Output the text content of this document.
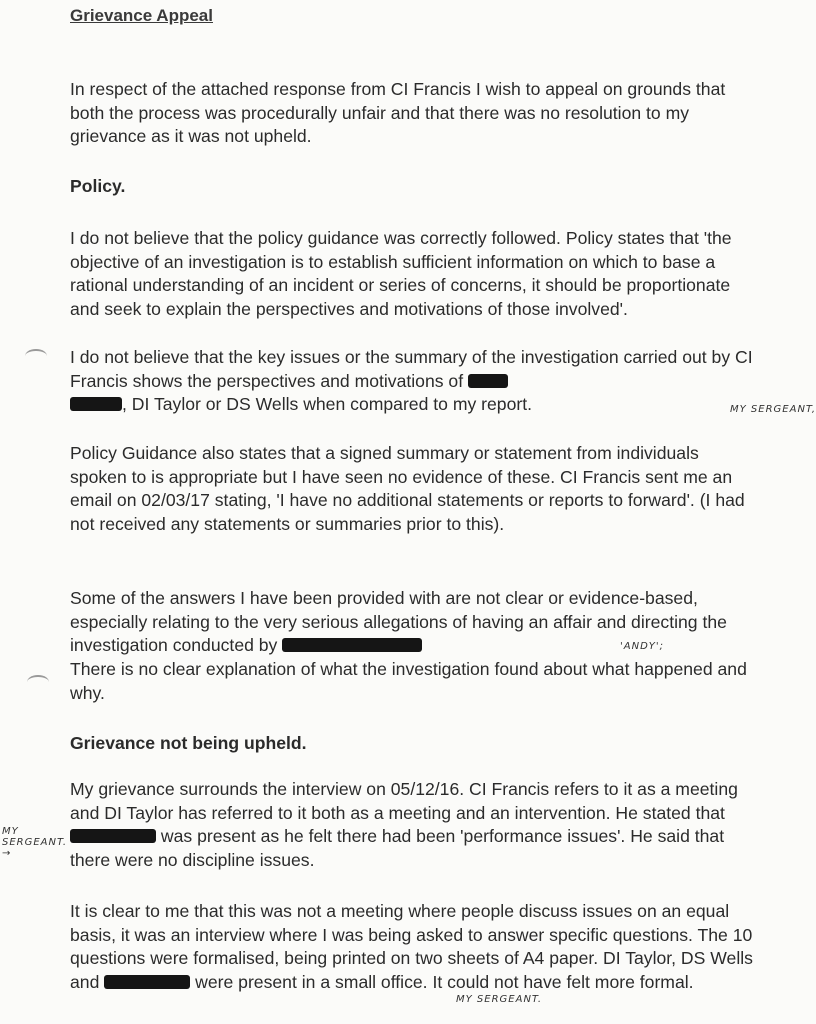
Grievance Appeal

In respect of the attached response from CI Francis I wish to appeal on grounds that both the process was procedurally unfair and that there was no resolution to my grievance as it was not upheld.

Policy.

I do not believe that the policy guidance was correctly followed. Policy states that 'the objective of an investigation is to establish sufficient information on which to base a rational understanding of an incident or series of concerns, it should be proportionate and seek to explain the perspectives and motivations of those involved'.

I do not believe that the key issues or the summary of the investigation carried out by CI Francis shows the perspectives and motivations of
, DI Taylor or DS Wells when compared to my report.	MY SERGEANT,

Policy Guidance also states that a signed summary or statement from individuals spoken to is appropriate but I have seen no evidence of these. CI Francis sent me an email on 02/03/17 stating, 'I have no additional statements or reports to forward'. (I had not received any statements or summaries prior to this).

Some of the answers I have been provided with are not clear or evidence-based, especially relating to the very serious allegations of having an affair and directing the investigation conducted by	'ANDY';

There is no clear explanation of what the investigation found about what happened and why.

Grievance not being upheld.

My grievance surrounds the interview on 05/12/16. CI Francis refers to it as a meeting and DI Taylor has referred to it both as a meeting and an intervention. He stated that  was present as he felt there had been 'performance issues'. He said that there were no discipline issues.

MY SERGEANT. →

It is clear to me that this was not a meeting where people discuss issues on an equal basis, it was an interview where I was being asked to answer specific questions. The 10 questions were formalised, being printed on two sheets of A4 paper. DI Taylor, DS Wells and	were present in a small office. It could not have felt more formal.

MY SERGEANT.
